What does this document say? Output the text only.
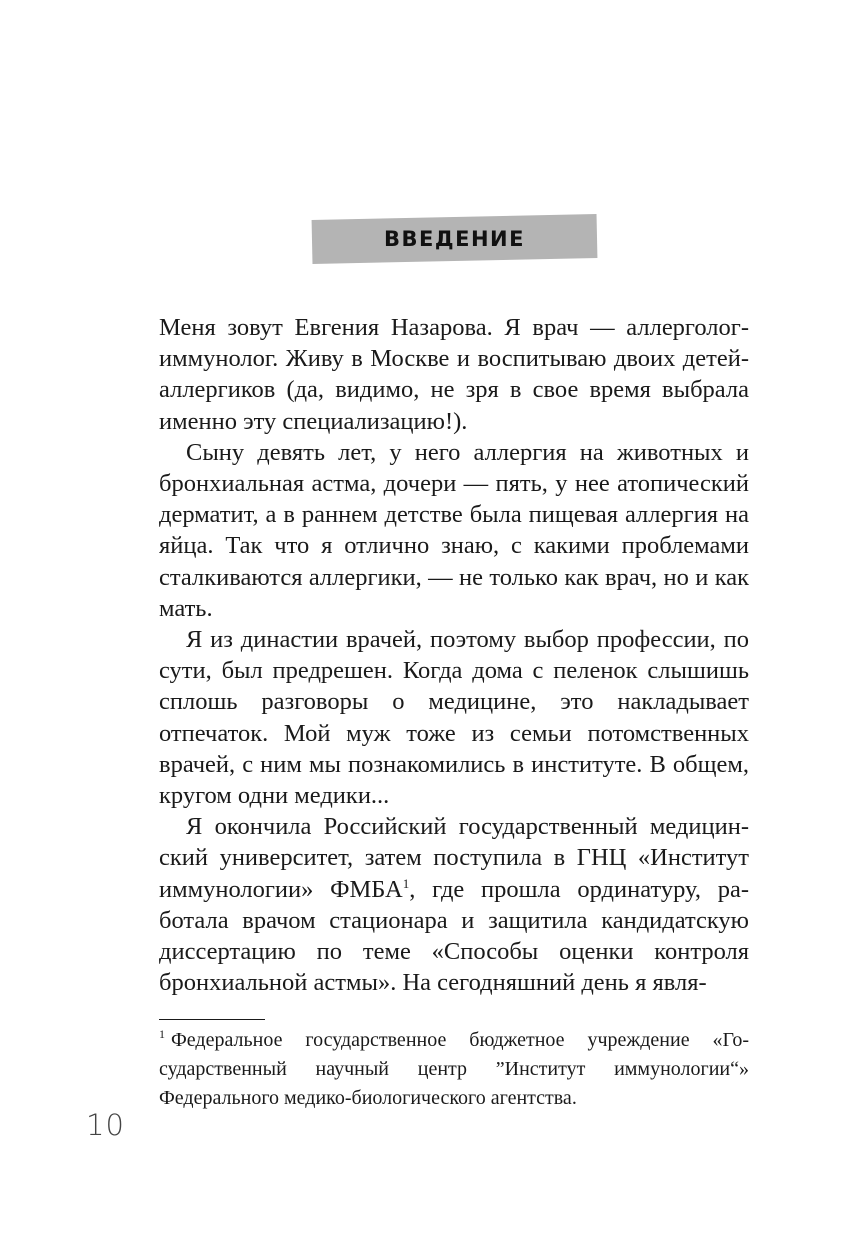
ВВЕДЕНИЕ

Меня зовут Евгения Назарова. Я врач — аллерголог-иммунолог. Живу в Москве и воспитываю двоих детей-аллергиков (да, видимо, не зря в свое время выбрала именно эту специализацию!).

Сыну девять лет, у него аллергия на животных и бронхиальная астма, дочери — пять, у нее атопический дерматит, а в раннем детстве была пищевая аллергия на яйца. Так что я отлично знаю, с какими проблемами сталкиваются аллергики, — не только как врач, но и как мать.

Я из династии врачей, поэтому выбор профессии, по сути, был предрешен. Когда дома с пеленок слышишь сплошь разговоры о медицине, это накладывает отпечаток. Мой муж тоже из семьи потомственных врачей, с ним мы познакомились в институте. В общем, кругом одни медики...

Я окончила Российский государственный медицинский университет, затем поступила в ГНЦ «Институт иммунологии» ФМБА$^1$, где прошла ординатуру, работала врачом стационара и защитила кандидатскую диссертацию по теме «Способы оценки контроля бронхиальной астмы». На сегодняшний день я явля-

$^1$ Федеральное государственное бюджетное учреждение «Государственный научный центр ”Институт иммунологии“» Федерального медико-биологического агентства.
10
